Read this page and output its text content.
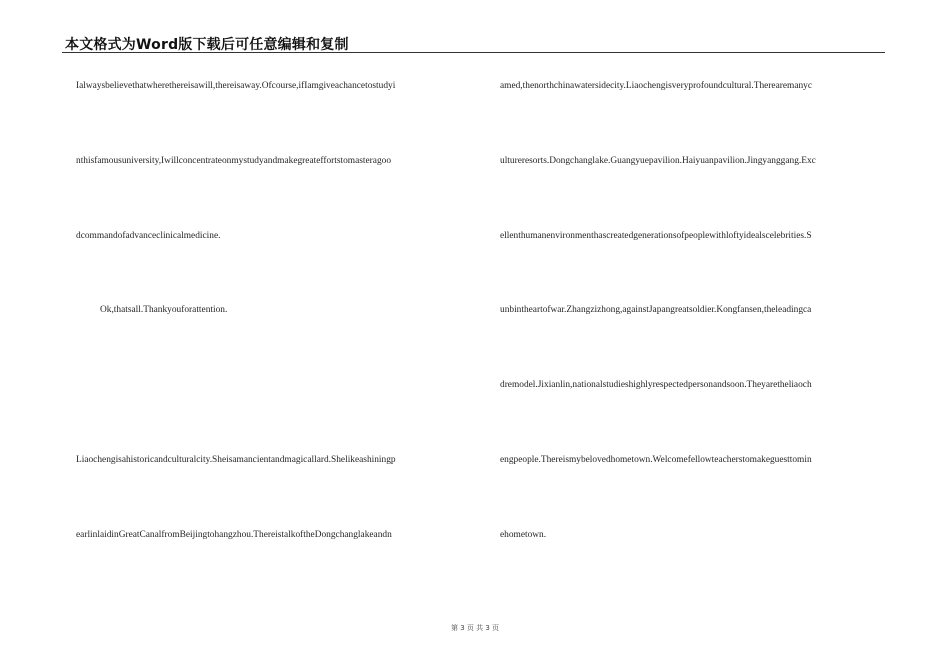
本文格式为Word版下载后可任意编辑和复制
Ialwaysbelievethatwherethereisawill,thereisaway.Ofcourse,ifIamgiveachancetostudyi
nthisfamousuniversity,Iwillconcentrateonmystudyandmakegreateffortstomasteragoo
dcommandofadvanceclinicalmedicine.
Ok,thatsall.Thankyouforattention.
Liaochengisahistoricandculturalcity.Sheisamancientandmagicallard.Shelikeashiningp
earlinlaidinGreatCanalfromBeijingtohangzhou.ThereistalkoftheDongchanglakeandn
amed,thenorthchinawatersidecity.Liaochengisveryprofoundcultural.Therearemanyc
ultureresorts.Dongchanglake.Guangyuepavilion.Haiyuanpavilion.Jingyanggang.Exc
ellenthumanenvironmenthascreatedgenerationsofpeoplewithloftyidealscelebrities.S
unbintheartofwar.Zhangzizhong,againstJapangreatsoldier.Kongfansen,theleadingca
dremodel.Jixianlin,nationalstudieshighlyrespectedpersonandsoon.Theyaretheliaoch
engpeople.Thereismybelovedhometown.Welcomefellowteacherstomakeguesttomin
ehometown.
第 3 页 共 3 页
